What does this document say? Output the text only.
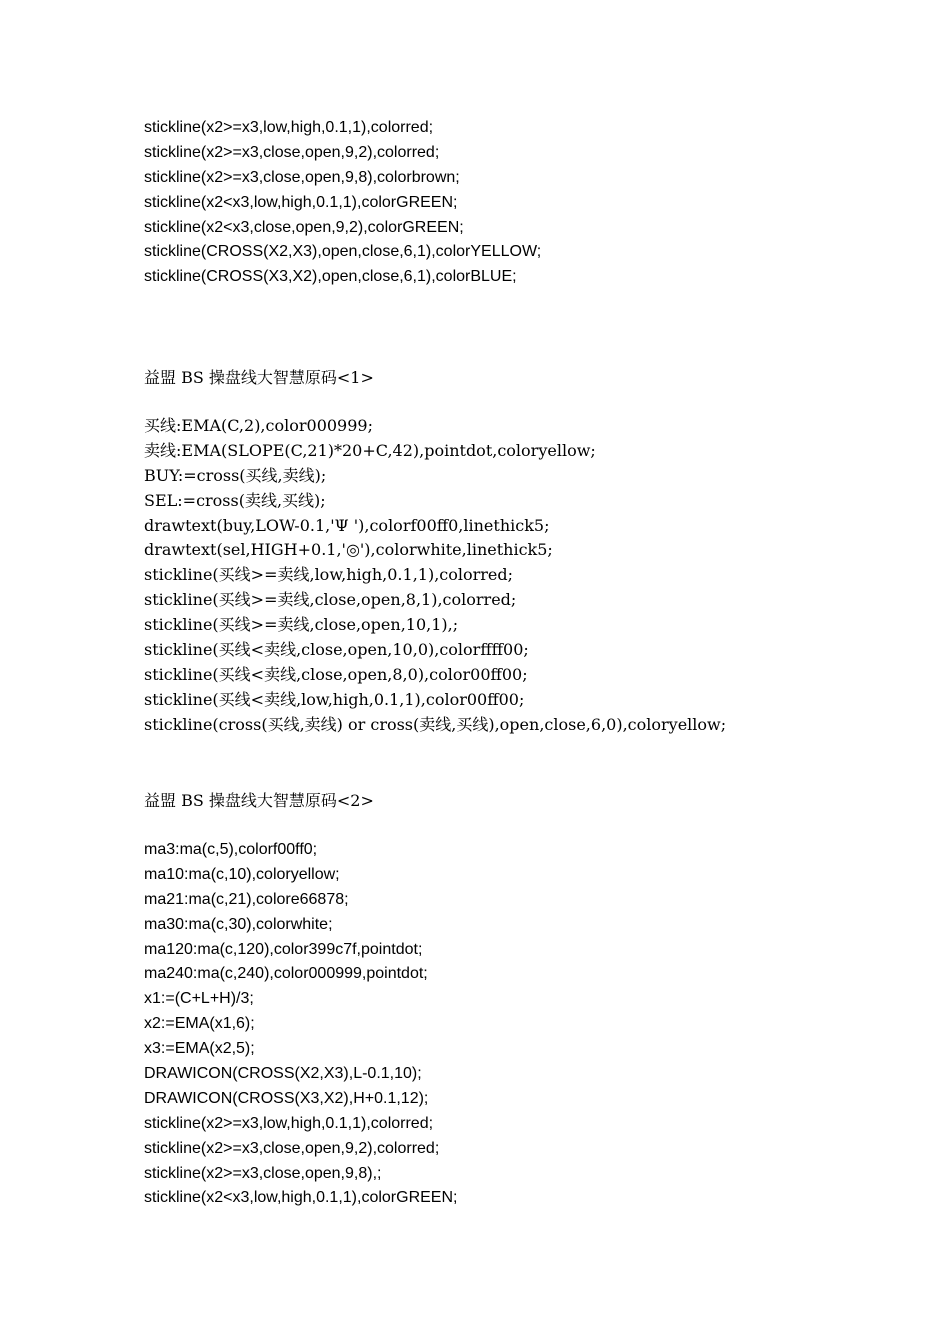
stickline(x2>=x3,low,high,0.1,1),colorred;
stickline(x2>=x3,close,open,9,2),colorred;
stickline(x2>=x3,close,open,9,8),colorbrown;
stickline(x2<x3,low,high,0.1,1),colorGREEN;
stickline(x2<x3,close,open,9,2),colorGREEN;
stickline(CROSS(X2,X3),open,close,6,1),colorYELLOW;
stickline(CROSS(X3,X2),open,close,6,1),colorBLUE;
益盟 BS 操盘线大智慧原码<1>
买线:EMA(C,2),color000999;
卖线:EMA(SLOPE(C,21)*20+C,42),pointdot,coloryellow;
BUY:=cross(买线,卖线);
SEL:=cross(卖线,买线);
drawtext(buy,LOW-0.1,'Ψ '),colorf00ff0,linethick5;
drawtext(sel,HIGH+0.1,'◎'),colorwhite,linethick5;
stickline(买线>=卖线,low,high,0.1,1),colorred;
stickline(买线>=卖线,close,open,8,1),colorred;
stickline(买线>=卖线,close,open,10,1),;
stickline(买线<卖线,close,open,10,0),colorffff00;
stickline(买线<卖线,close,open,8,0),color00ff00;
stickline(买线<卖线,low,high,0.1,1),color00ff00;
stickline(cross(买线,卖线) or cross(卖线,买线),open,close,6,0),coloryellow;
益盟 BS 操盘线大智慧原码<2>
ma3:ma(c,5),colorf00ff0;
ma10:ma(c,10),coloryellow;
ma21:ma(c,21),colore66878;
ma30:ma(c,30),colorwhite;
ma120:ma(c,120),color399c7f,pointdot;
ma240:ma(c,240),color000999,pointdot;
x1:=(C+L+H)/3;
x2:=EMA(x1,6);
x3:=EMA(x2,5);
DRAWICON(CROSS(X2,X3),L-0.1,10);
DRAWICON(CROSS(X3,X2),H+0.1,12);
stickline(x2>=x3,low,high,0.1,1),colorred;
stickline(x2>=x3,close,open,9,2),colorred;
stickline(x2>=x3,close,open,9,8),;
stickline(x2<x3,low,high,0.1,1),colorGREEN;
